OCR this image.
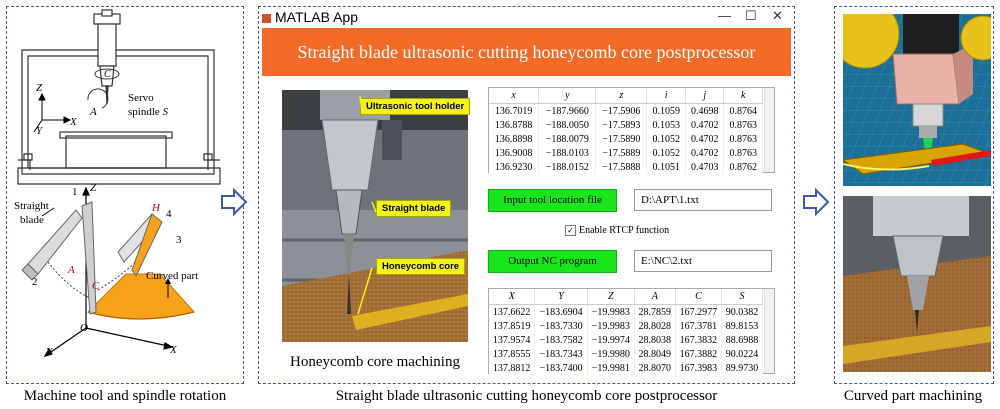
Z
Y
X
C
A
Servo
spindle S
Straight
blade
1 Z
2
3
4
H
A
C
Curved part
Y	X
O
MATLAB App	— ☐ ✕
Straight blade ultrasonic cutting honeycomb core postprocessor
Ultrasonic tool holder
Straight blade
Honeycomb core
Honeycomb core machining
x	y	z	i	j	k
136.7019	−187.9660	−17.5906	0.1059	0.4698	0.8764
136.8788	−188.0050	−17.5893	0.1053	0.4702	0.8763
136.8898	−188.0079	−17.5890	0.1052	0.4702	0.8763
136.9008	−188.0103	−17.5889	0.1052	0.4702	0.8763
136.9230	−188.0152	−17.5888	0.1051	0.4703	0.8762
Input tool location file	D:\APT\1.txt
✓ Enable RTCP function
Output NC program	E:\NC\2.txt
X	Y	Z	A	C	S
137.6622	−183.6904	−19.9983	28.7859	167.2977	90.0382
137.8519	−183.7330	−19.9983	28.8028	167.3781	89.8153
137.9574	−183.7582	−19.9974	28.8038	167.3832	88.6988
137.8555	−183.7343	−19.9980	28.8049	167.3882	90.0224
137.8812	−183.7400	−19.9981	28.8070	167.3983	89.9730
Machine tool and spindle rotation	Straight blade ultrasonic cutting honeycomb core postprocessor	Curved part machining
